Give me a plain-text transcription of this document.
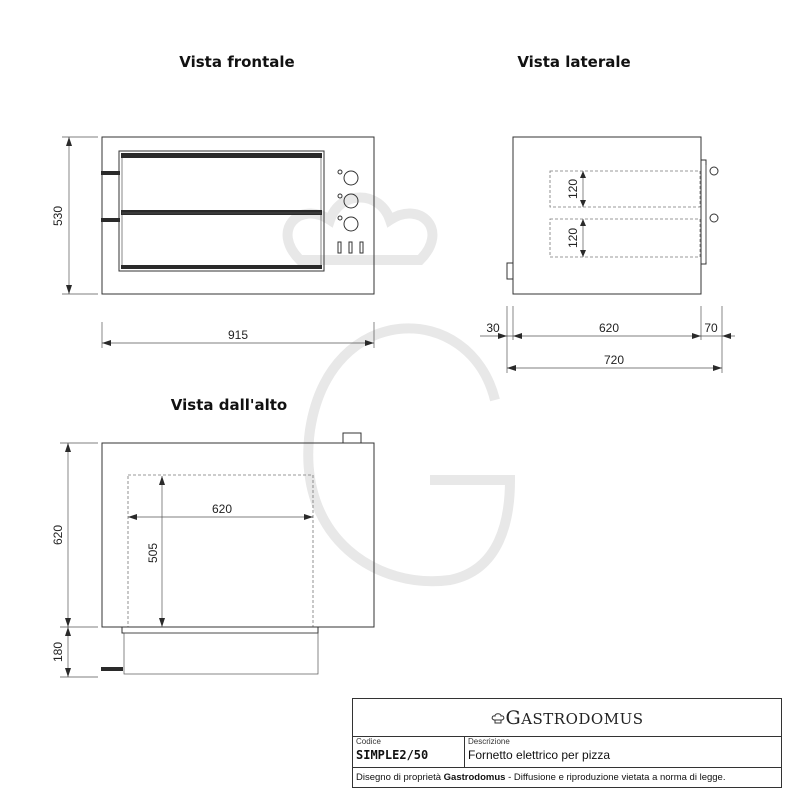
Vista frontale
530
915
Vista laterale
120
120
30	620	70
720
Vista dall'alto
620
505
620
180
GASTRODOMUS
Codice
SIMPLE2/50
Descrizione
Fornetto elettrico per pizza
Disegno di proprietà Gastrodomus - Diffusione e riproduzione vietata a norma di legge.
